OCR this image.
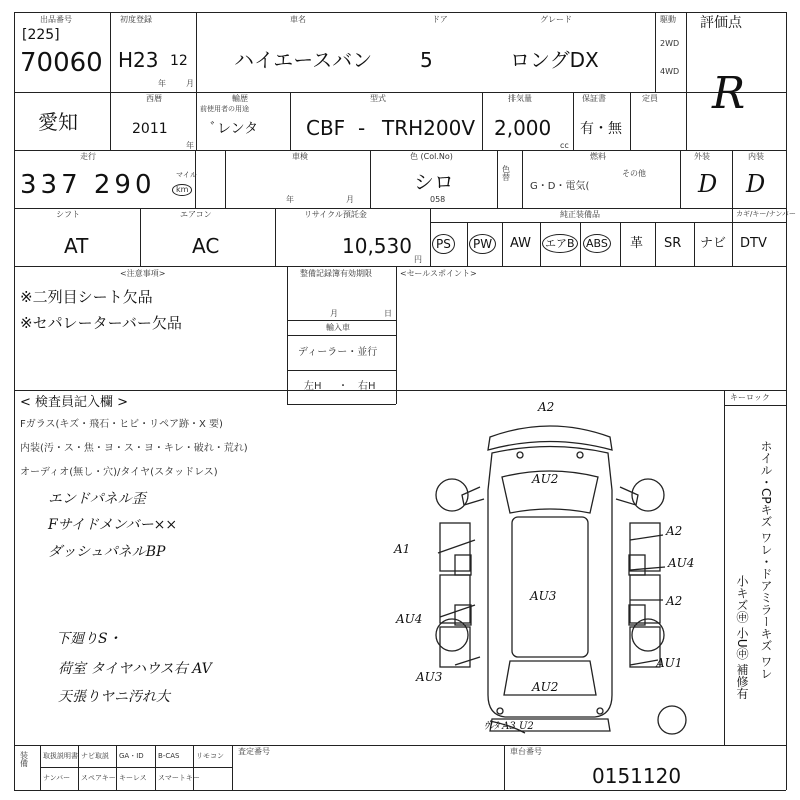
出品番号
[225]
70060
初度登録
H23 12
年	月
車名
ハイエースバン
ドア
5
グレード
ロングDX
駆動
2WD
4WD
評価点
R
愛知
西暦
2011
輸歴
前使用者の用途
ﾞレンタ
年
型式
CBF - TRH200V
排気量
2,000
cc
保証書
有・無
定員
走行
337 290	マイル
km
車検
年	月
色 (Col.No)
シロ
058
色替
燃料
G・D・電気(
その他
外装
D
内装
D
シフト
AT
エアコン
AC
リサイクル預託金
10,530
円
純正装備品	カギ/キー/ナンバー
PS	PW	AW エアB ABS 革 SR ナビ DTV
<注意事項>
※二列目シート欠品
※セパレーターバー欠品
整備記録簿有効期限
月	日
輸入車
ディーラー・並行
左H ・ 右H
<セールスポイント>
< 検査員記入欄 >
Fガラス(キズ・飛石・ヒビ・リペア跡・X 要)
内装(汚・ス・焦・ヨ・ス・ヨ・キレ・破れ・荒れ)
オーディオ(無し・穴)/タイヤ(スタッドレス)
エンドパネル歪
Fサイドメンバー××
ダッシュパネルBP
下廻りS・
荷室 タイヤハウス右 AV
天張りヤニ汚れ大
A2
AU2
AU3
AU2
A1
AU4
AU3
A2
AU4
A2
AU1
ｳﾚﾀ A3 U2
キーロック
ホイル・CPキズ ワレ・ドアミラーキズ ワレ
小キズ㊥ 小U㊥ 補修有
装備
取扱説明書 ナビ取説 GA・ID B-CAS リモコン
ナンバー スペアキー キーレス スマートキー
査定番号	車台番号
0151120
